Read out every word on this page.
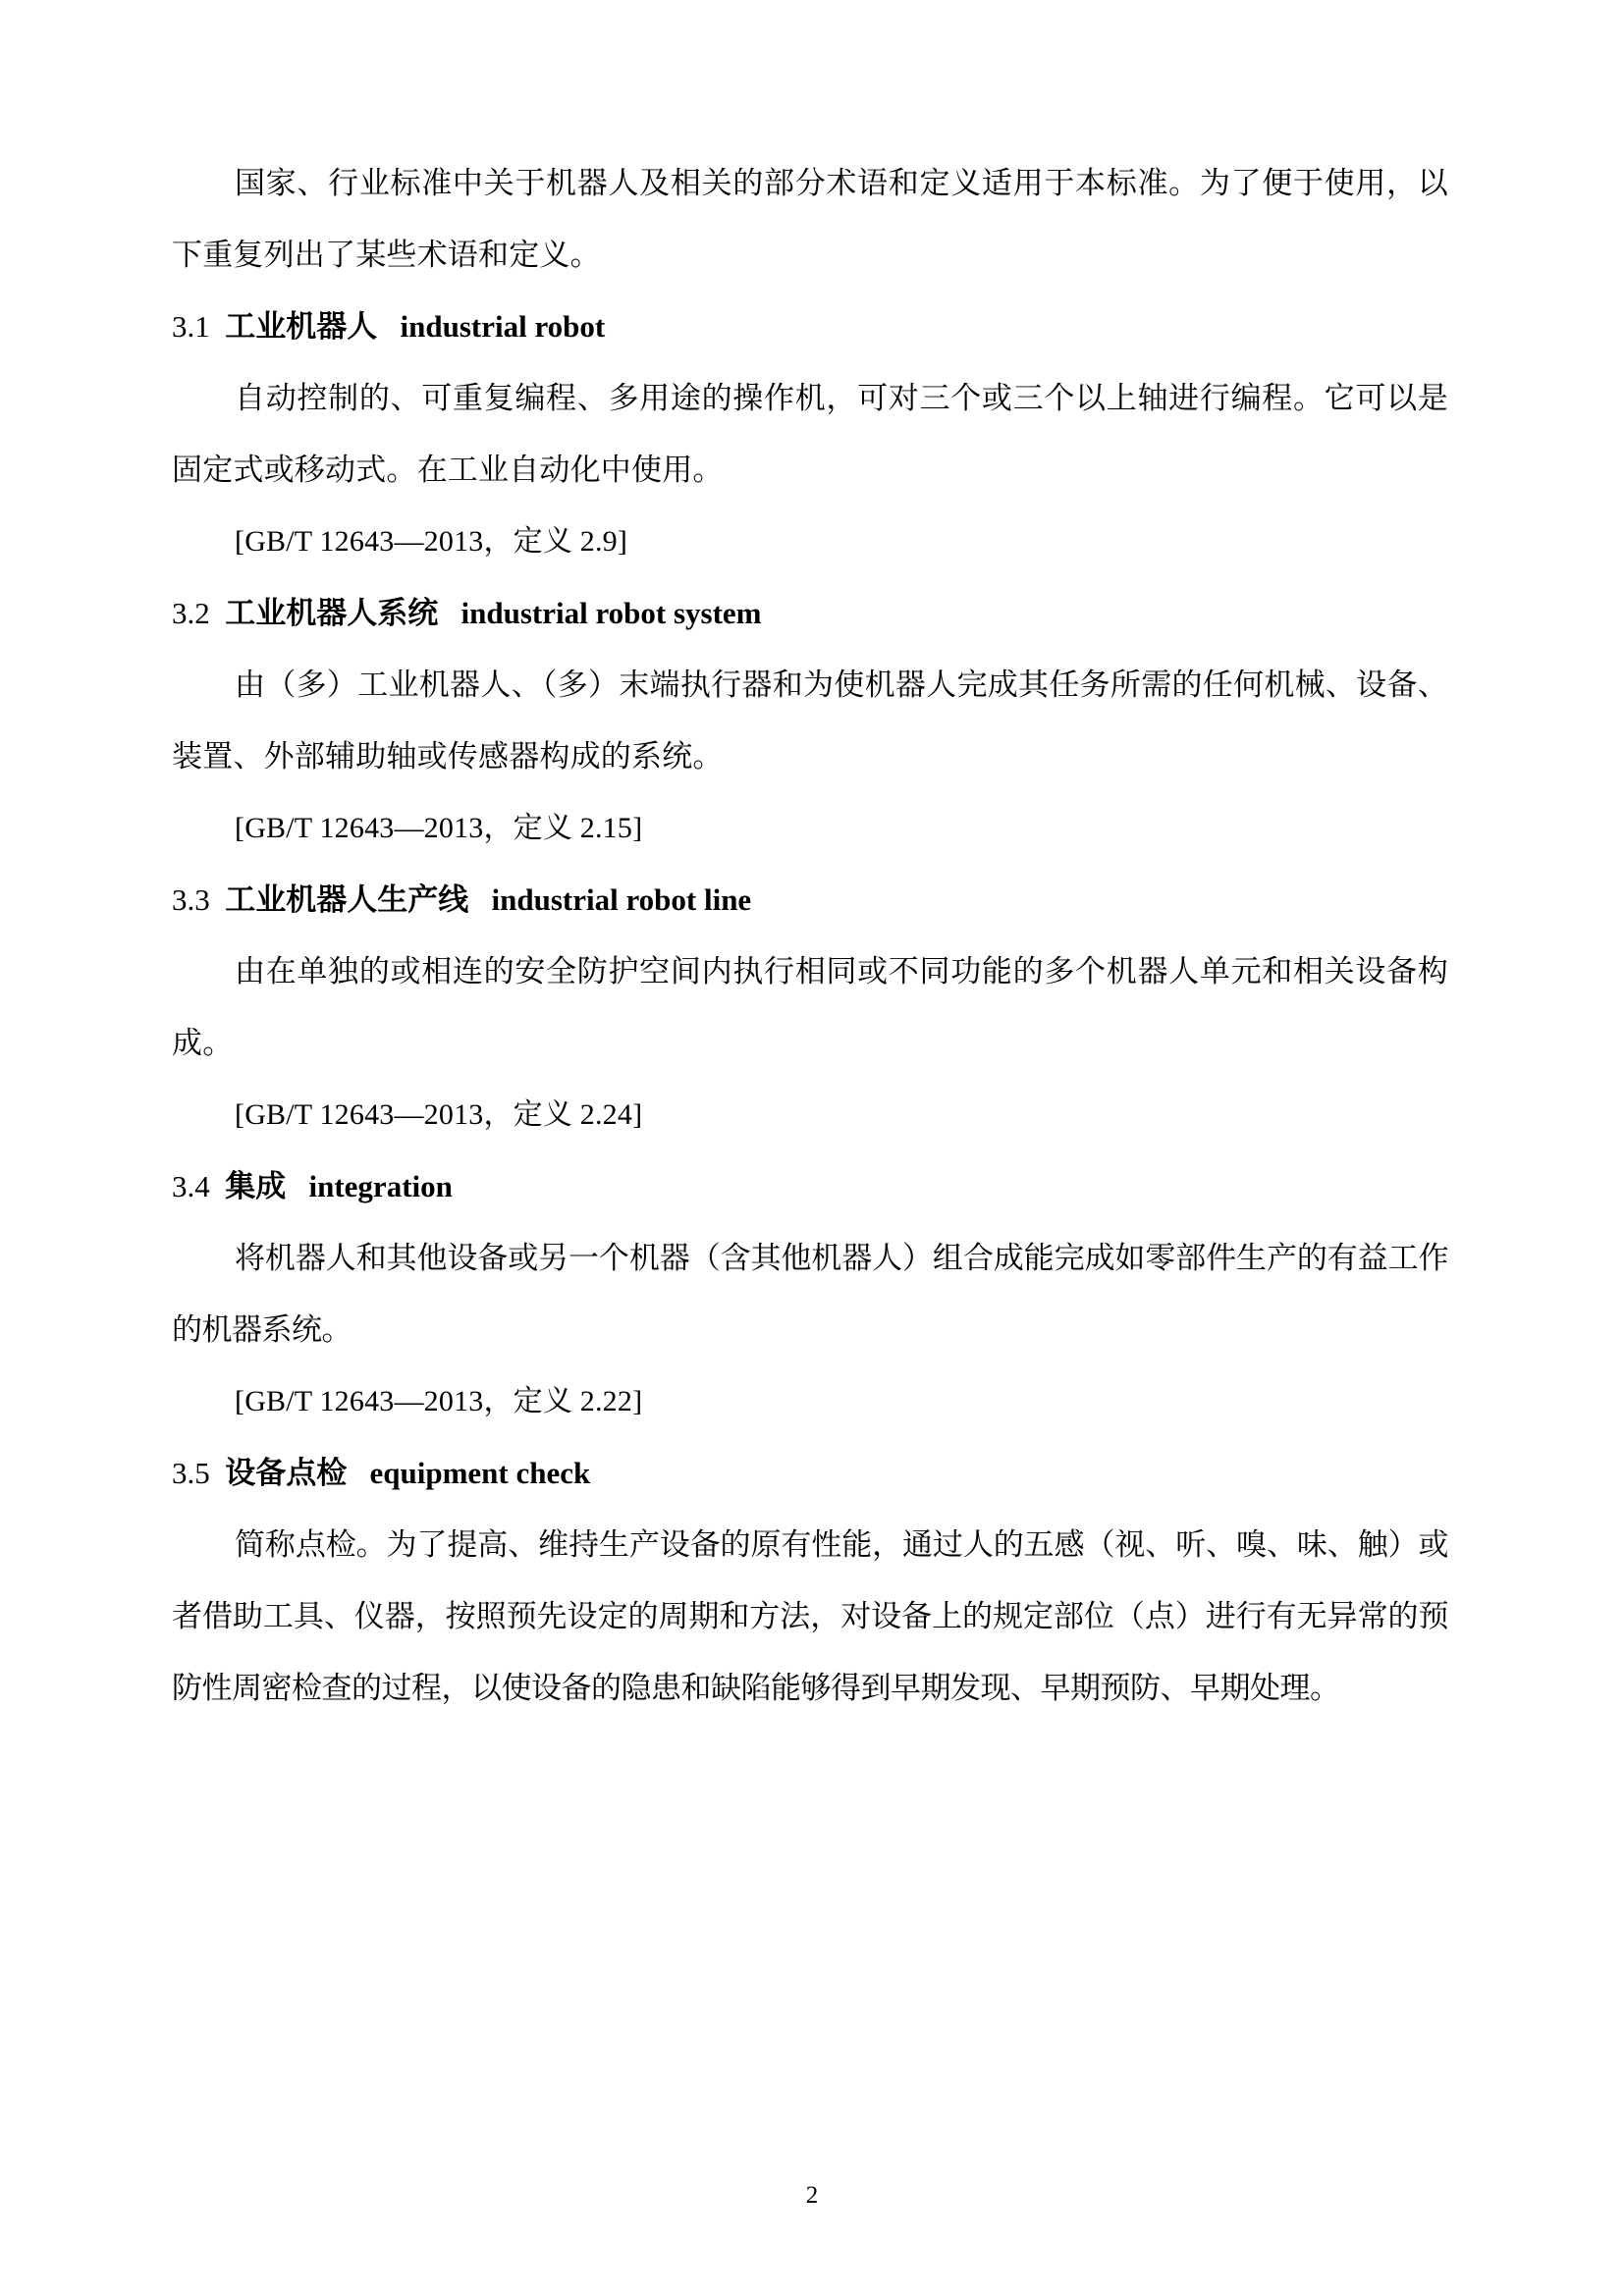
国家、行业标准中关于机器人及相关的部分术语和定义适用于本标准。为了便于使用，以下重复列出了某些术语和定义。

3.1 工业机器人 industrial robot

自动控制的、可重复编程、多用途的操作机，可对三个或三个以上轴进行编程。它可以是固定式或移动式。在工业自动化中使用。

[GB/T 12643—2013，定义 2.9]

3.2 工业机器人系统 industrial robot system

由（多）工业机器人、（多）末端执行器和为使机器人完成其任务所需的任何机械、设备、装置、外部辅助轴或传感器构成的系统。

[GB/T 12643—2013，定义 2.15]

3.3 工业机器人生产线 industrial robot line

由在单独的或相连的安全防护空间内执行相同或不同功能的多个机器人单元和相关设备构成。

[GB/T 12643—2013，定义 2.24]

3.4 集成 integration

将机器人和其他设备或另一个机器（含其他机器人）组合成能完成如零部件生产的有益工作的机器系统。

[GB/T 12643—2013，定义 2.22]

3.5 设备点检 equipment check

简称点检。为了提高、维持生产设备的原有性能，通过人的五感（视、听、嗅、味、触）或者借助工具、仪器，按照预先设定的周期和方法，对设备上的规定部位（点）进行有无异常的预防性周密检查的过程，以使设备的隐患和缺陷能够得到早期发现、早期预防、早期处理。

2
